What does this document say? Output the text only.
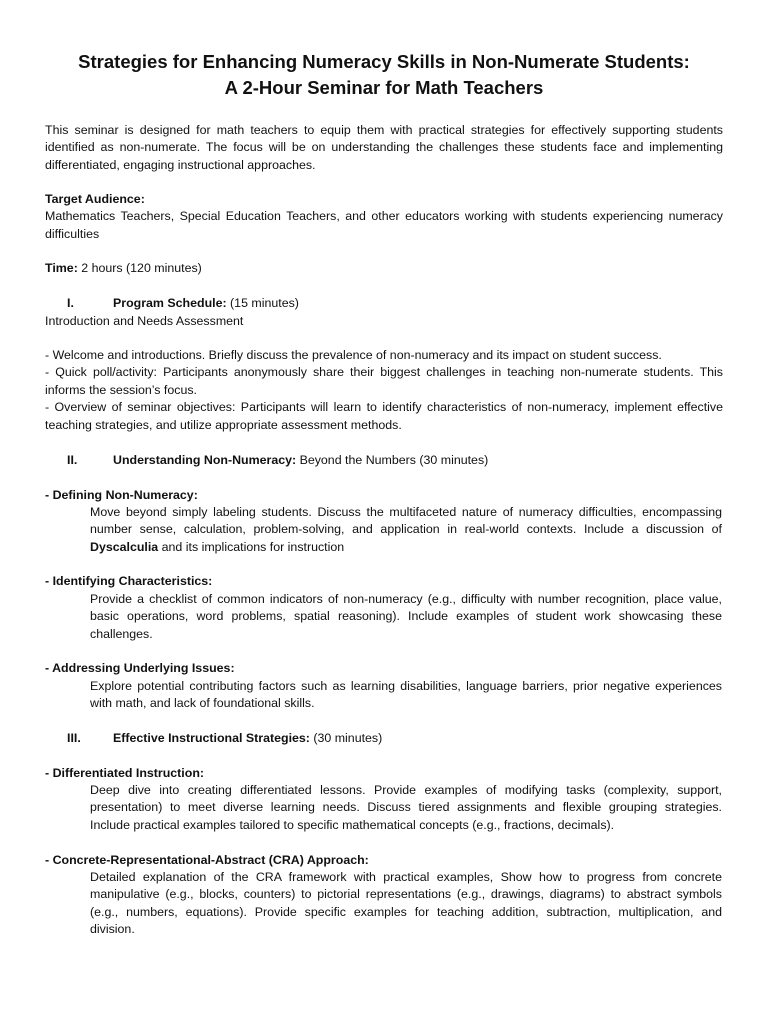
Strategies for Enhancing Numeracy Skills in Non-Numerate Students:
A 2-Hour Seminar for Math Teachers
This seminar is designed for math teachers to equip them with practical strategies for effectively supporting students
identified as non-numerate. The focus will be on understanding the challenges these students face and implementing
differentiated, engaging instructional approaches.
Target Audience:
Mathematics Teachers, Special Education Teachers, and other educators working with students experiencing numeracy
difficulties
Time: 2 hours (120 minutes)
I.	Program Schedule: (15 minutes)
Introduction and Needs Assessment
- Welcome and introductions. Briefly discuss the prevalence of non-numeracy and its impact on student success.
- Quick poll/activity: Participants anonymously share their biggest challenges in teaching non-numerate students. This
informs the session’s focus.
- Overview of seminar objectives: Participants will learn to identify characteristics of non-numeracy, implement effective
teaching strategies, and utilize appropriate assessment methods.
II.	Understanding Non-Numeracy: Beyond the Numbers (30 minutes)
- Defining Non-Numeracy:
Move beyond simply labeling students. Discuss the multifaceted nature of numeracy difficulties, encompassing
number sense, calculation, problem-solving, and application in real-world contexts. Include a discussion of
Dyscalculia and its implications for instruction
- Identifying Characteristics:
Provide a checklist of common indicators of non-numeracy (e.g., difficulty with number recognition, place value,
basic operations, word problems, spatial reasoning). Include examples of student work showcasing these
challenges.
- Addressing Underlying Issues:
Explore potential contributing factors such as learning disabilities, language barriers, prior negative experiences
with math, and lack of foundational skills.
III.	Effective Instructional Strategies: (30 minutes)
- Differentiated Instruction:
Deep dive into creating differentiated lessons. Provide examples of modifying tasks (complexity, support,
presentation) to meet diverse learning needs. Discuss tiered assignments and flexible grouping strategies.
Include practical examples tailored to specific mathematical concepts (e.g., fractions, decimals).
- Concrete-Representational-Abstract (CRA) Approach:
Detailed explanation of the CRA framework with practical examples, Show how to progress from concrete
manipulative (e.g., blocks, counters) to pictorial representations (e.g., drawings, diagrams) to abstract symbols
(e.g., numbers, equations). Provide specific examples for teaching addition, subtraction, multiplication, and
division.
